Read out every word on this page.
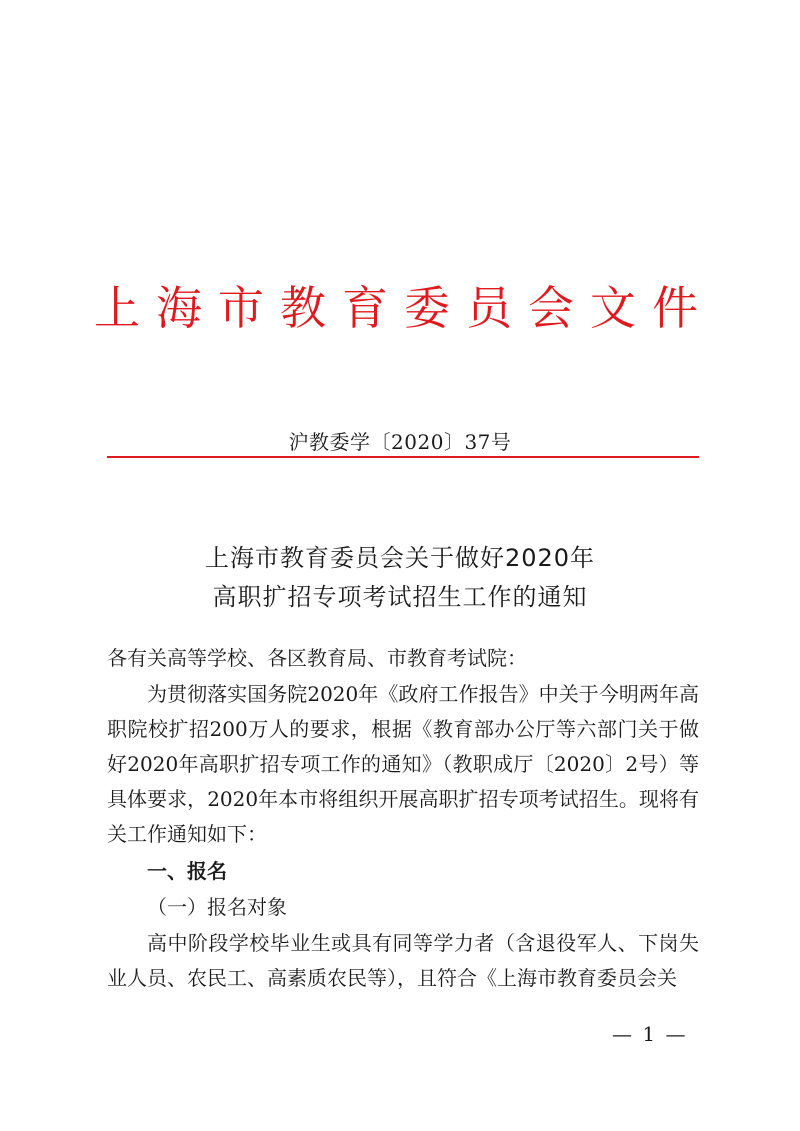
上海市教育委员会文件
沪教委学〔2020〕37号
上海市教育委员会关于做好2020年
高职扩招专项考试招生工作的通知
各有关高等学校、各区教育局、市教育考试院：
为贯彻落实国务院2020年《政府工作报告》中关于今明两年高职院校扩招200万人的要求，根据《教育部办公厅等六部门关于做好2020年高职扩招专项工作的通知》（教职成厅〔2020〕2号）等具体要求，2020年本市将组织开展高职扩招专项考试招生。现将有关工作通知如下：
一、报名
（一）报名对象
高中阶段学校毕业生或具有同等学力者（含退役军人、下岗失业人员、农民工、高素质农民等），且符合《上海市教育委员会关
— 1 —
